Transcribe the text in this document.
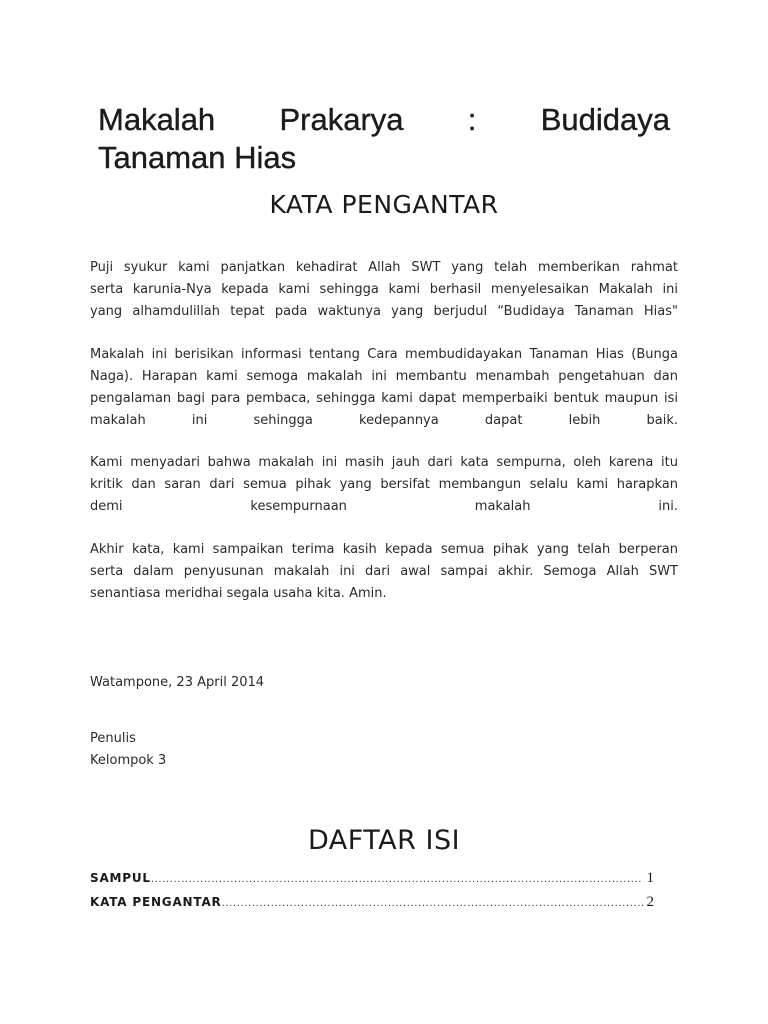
Makalah Prakarya : Budidaya
Tanaman Hias
KATA PENGANTAR

Puji syukur kami panjatkan kehadirat Allah SWT yang telah memberikan rahmat
serta karunia-Nya kepada kami sehingga kami berhasil menyelesaikan Makalah ini
yang alhamdulillah tepat pada waktunya yang berjudul “Budidaya Tanaman Hias"

Makalah ini berisikan informasi tentang Cara membudidayakan Tanaman Hias (Bunga
Naga). Harapan kami semoga makalah ini membantu menambah pengetahuan dan
pengalaman bagi para pembaca, sehingga kami dapat memperbaiki bentuk maupun isi
makalah	ini	sehingga	kedepannya	dapat	lebih	baik.

Kami menyadari bahwa makalah ini masih jauh dari kata sempurna, oleh karena itu
kritik dan saran dari semua pihak yang bersifat membangun selalu kami harapkan
demi	kesempurnaan	makalah	ini.

Akhir kata, kami sampaikan terima kasih kepada semua pihak yang telah berperan
serta dalam penyusunan makalah ini dari awal sampai akhir. Semoga Allah SWT
senantiasa meridhai segala usaha kita. Amin.

Watampone, 23 April 2014

Penulis

Kelompok 3

DAFTAR ISI
SAMPUL .....	1
KATA PENGANTAR .....	2
